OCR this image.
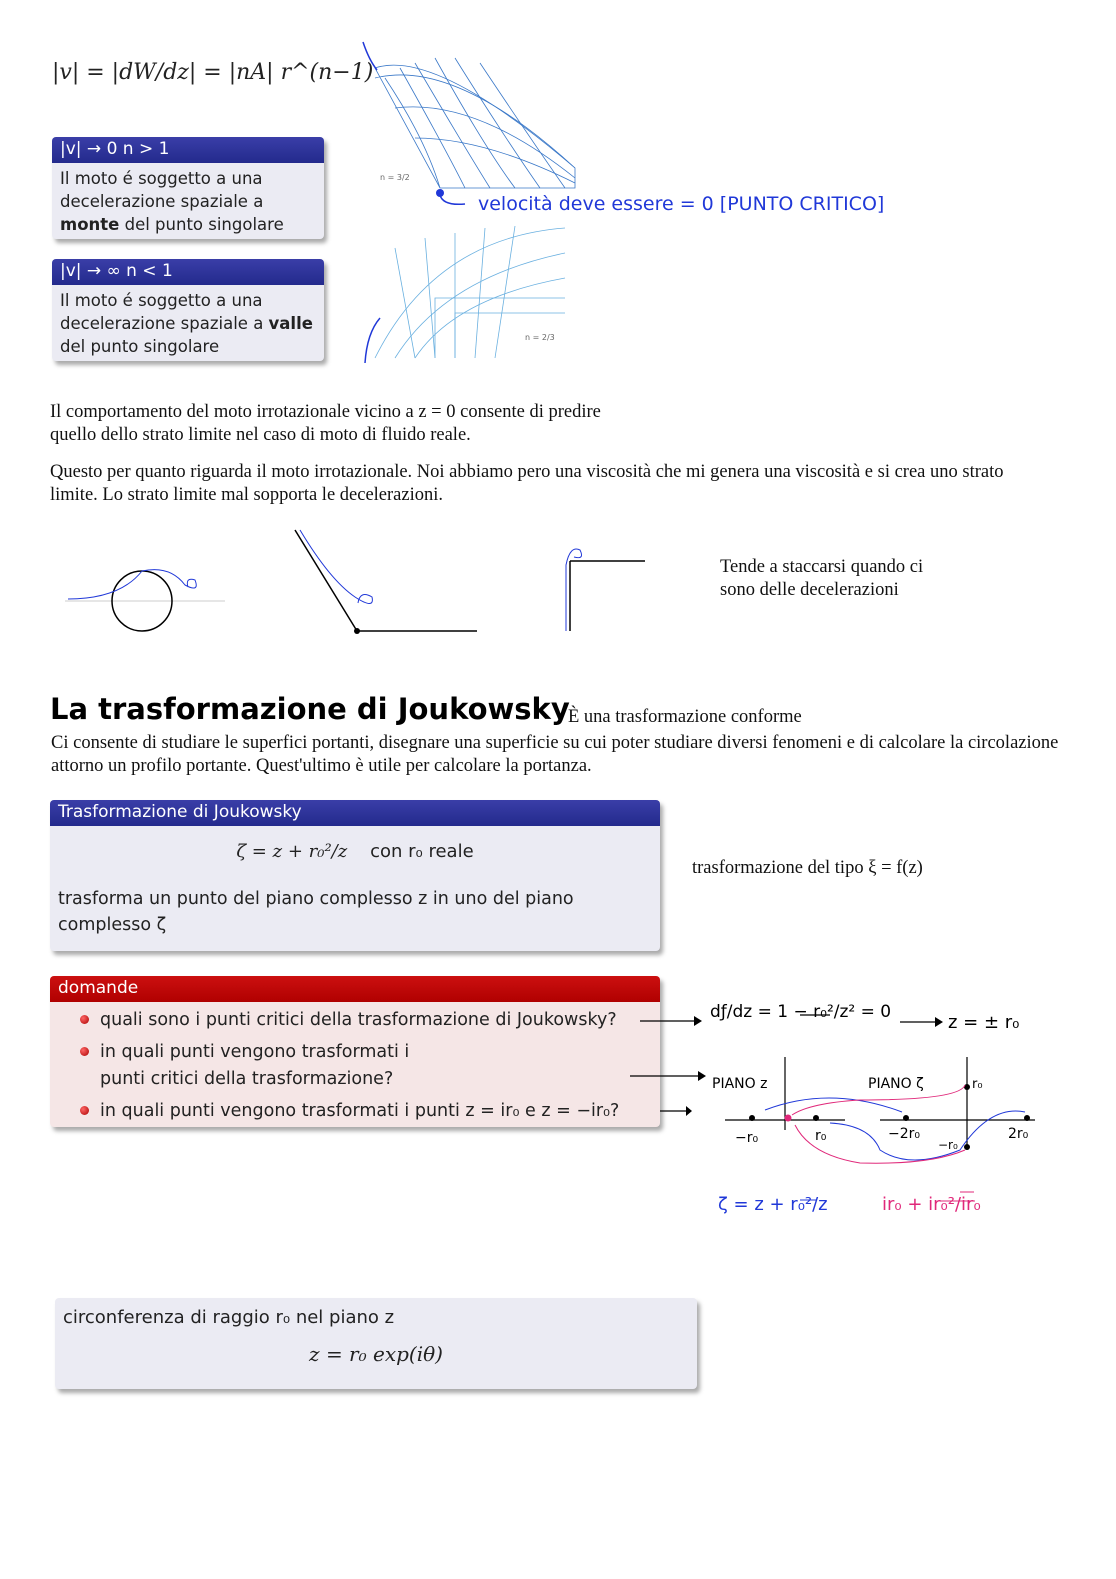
|v| = |dW/dz| = |nA| r^(n−1)
|v| → 0 n > 1
Il moto é soggetto a una decelerazione spaziale a monte del punto singolare
|v| → ∞ n < 1
Il moto é soggetto a una decelerazione spaziale a valle del punto singolare
n = 3/2
n = 2/3
velocità deve essere = 0 [PUNTO CRITICO]
Il comportamento del moto irrotazionale vicino a z = 0 consente di predire quello dello strato limite nel caso di moto di fluido reale.
Questo per quanto riguarda il moto irrotazionale. Noi abbiamo pero una viscosità che mi genera una viscosità e si crea uno strato limite. Lo strato limite mal sopporta le decelerazioni.
Tende a staccarsi quando ci sono delle decelerazioni
La trasformazione di Joukowsky
È una trasformazione conforme
Ci consente di studiare le superfici portanti, disegnare una superficie su cui poter studiare diversi fenomeni e di calcolare la circolazione attorno un profilo portante. Quest'ultimo è utile per calcolare la portanza.
Trasformazione di Joukowsky
ζ = z + r₀²/z con r₀ reale
trasforma un punto del piano complesso z in uno del piano complesso ζ
trasformazione del tipo ξ = f(z)
domande
quali sono i punti critici della trasformazione di Joukowsky?
in quali punti vengono trasformati i punti critici della trasformazione?
in quali punti vengono trasformati i punti z = ir₀ e z = −ir₀?
dƒ/dz = 1 − r₀²/z² = 0	z = ± r₀
PIANO z	PIANO ζ
−r₀	r₀	−2r₀	2r₀
r₀
−r₀
ζ = z + r₀²/z	ir₀ + ir₀²/ir₀
circonferenza di raggio r₀ nel piano z
z = r₀ exp(iθ)
